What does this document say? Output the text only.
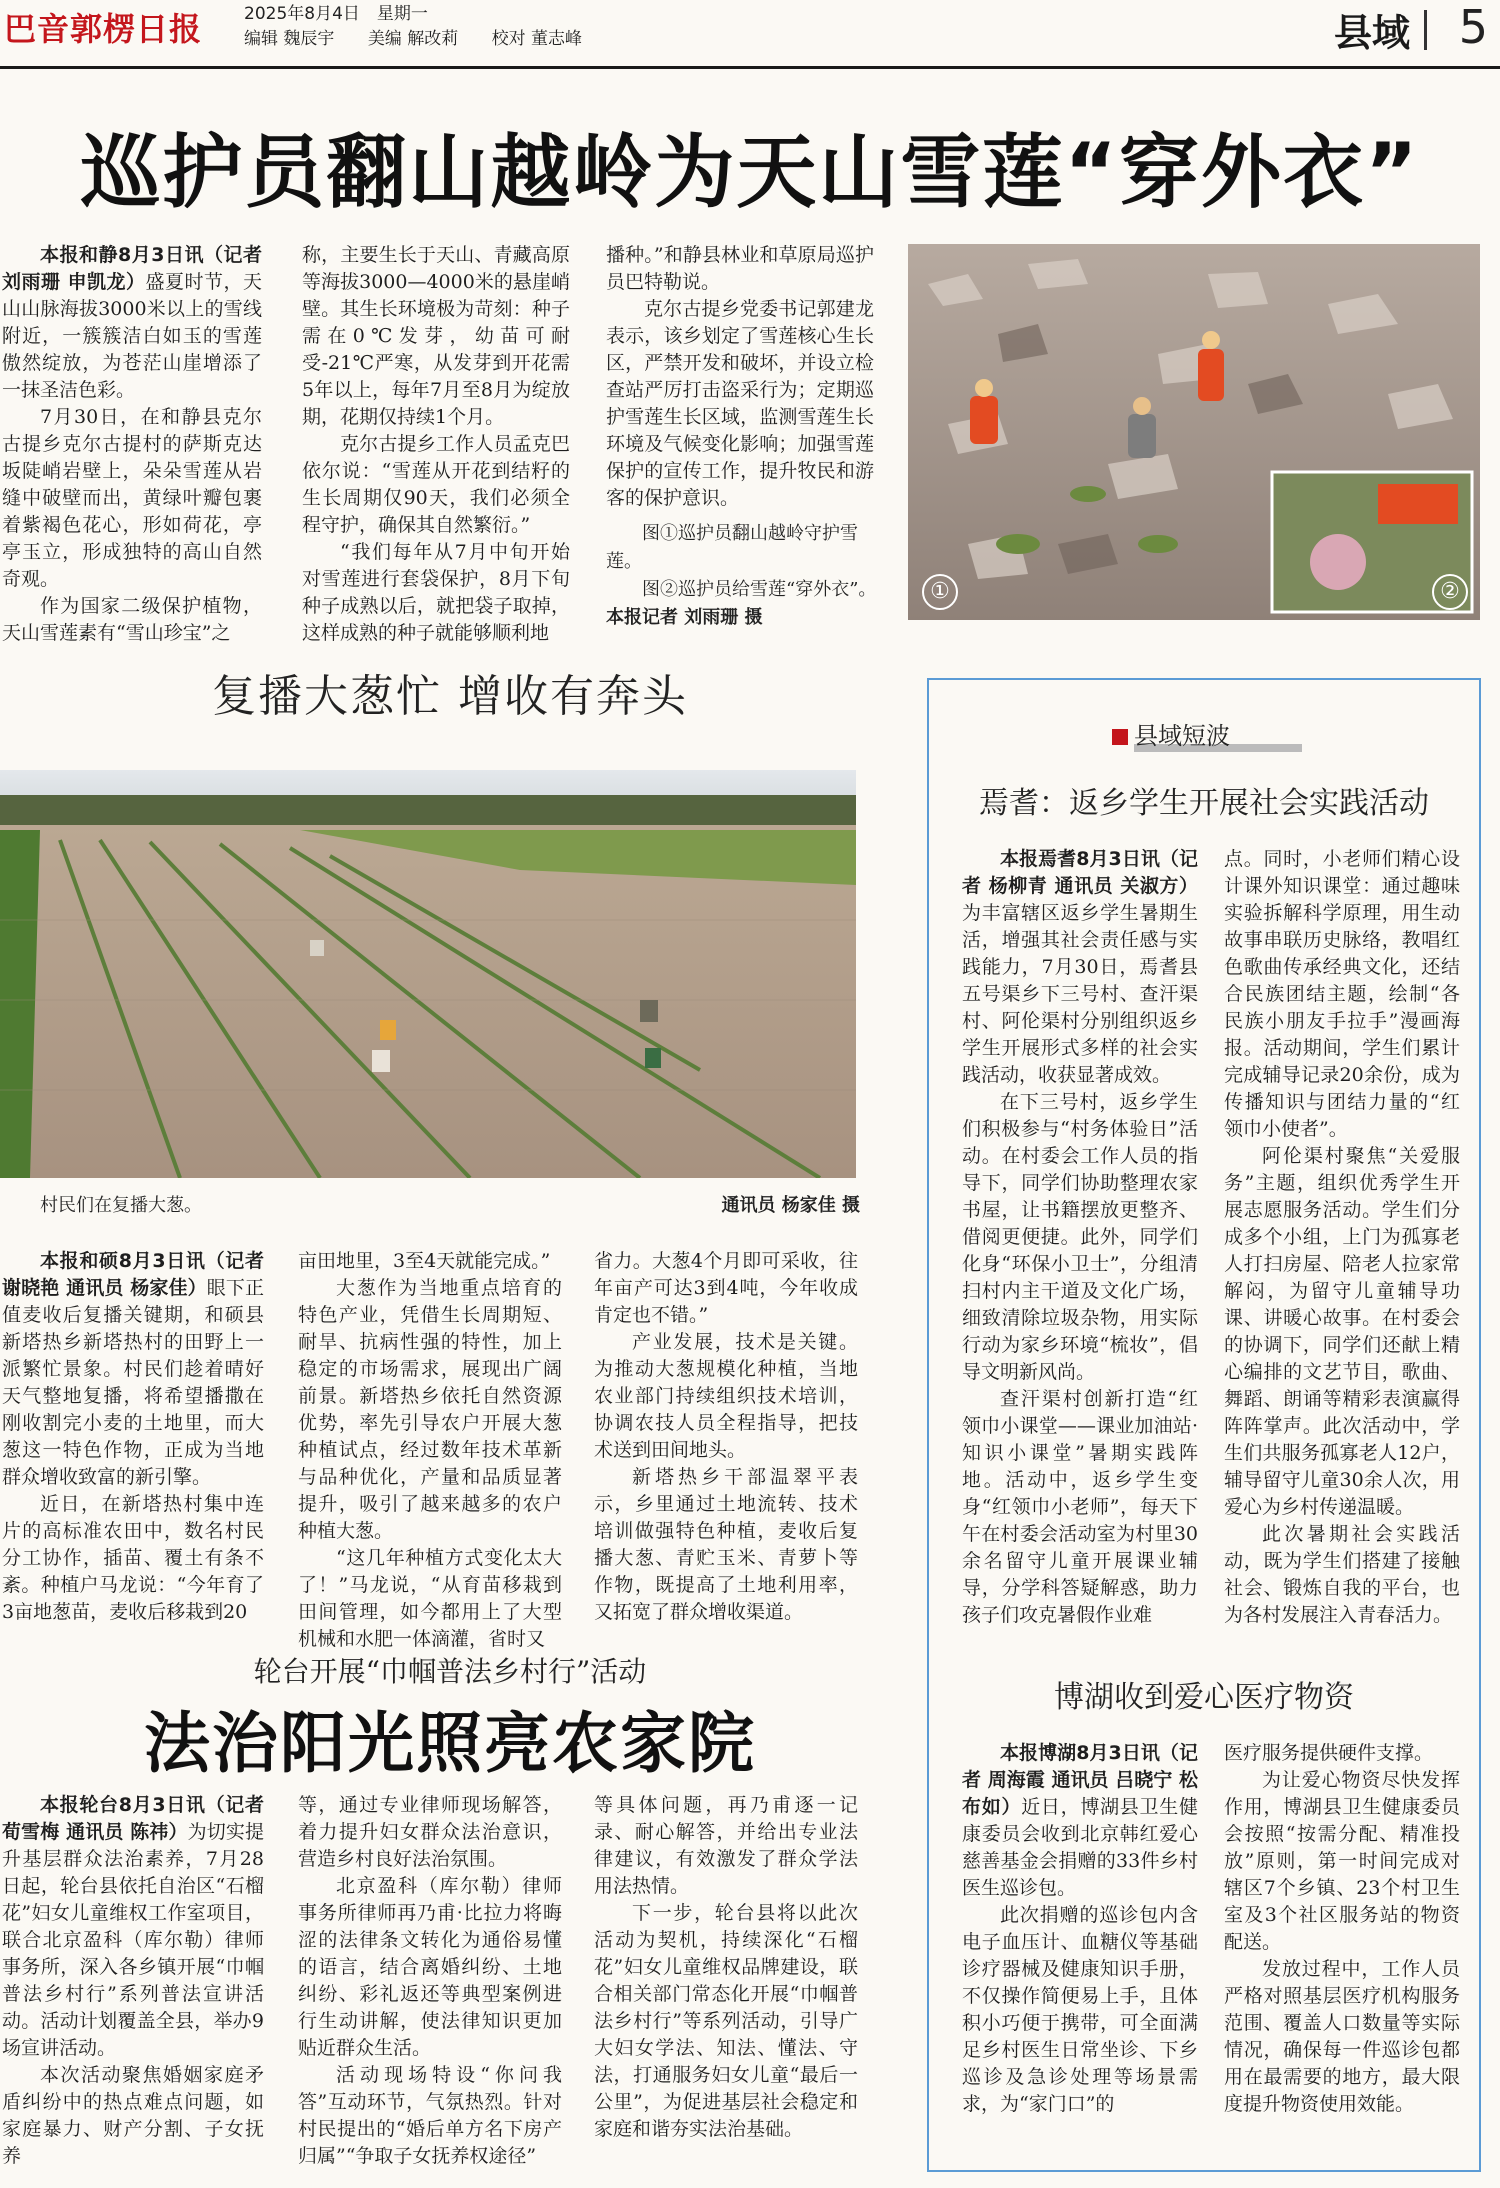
巴音郭楞日报 2025年8月4日　星期一
编辑 魏辰宇 美编 解改莉 校对 董志峰	县域 5
巡护员翻山越岭为天山雪莲“穿外衣”

本报和静8月3日讯（记者 刘雨珊 申凯龙）盛夏时节，天山山脉海拔3000米以上的雪线附近，一簇簇洁白如玉的雪莲傲然绽放，为苍茫山崖增添了一抹圣洁色彩。

7月30日，在和静县克尔古提乡克尔古提村的萨斯克达坂陡峭岩壁上，朵朵雪莲从岩缝中破壁而出，黄绿叶瓣包裹着紫褐色花心，形如荷花，亭亭玉立，形成独特的高山自然奇观。

作为国家二级保护植物，天山雪莲素有“雪山珍宝”之

称，主要生长于天山、青藏高原等海拔3000—4000米的悬崖峭壁。其生长环境极为苛刻：种子需在0℃发芽，幼苗可耐受-21℃严寒，从发芽到开花需5年以上，每年7月至8月为绽放期，花期仅持续1个月。

克尔古提乡工作人员孟克巴依尔说：“雪莲从开花到结籽的生长周期仅90天，我们必须全程守护，确保其自然繁衍。”

“我们每年从7月中旬开始对雪莲进行套袋保护，8月下旬种子成熟以后，就把袋子取掉，这样成熟的种子就能够顺利地

播种。”和静县林业和草原局巡护员巴特勒说。

克尔古提乡党委书记郭建龙表示，该乡划定了雪莲核心生长区，严禁开发和破坏，并设立检查站严厉打击盗采行为；定期巡护雪莲生长区域，监测雪莲生长环境及气候变化影响；加强雪莲保护的宣传工作，提升牧民和游客的保护意识。

图①巡护员翻山越岭守护雪莲。

图②巡护员给雪莲“穿外衣”。　本报记者 刘雨珊 摄

①	②
复播大葱忙 增收有奔头
村民们在复播大葱。	通讯员 杨家佳 摄

本报和硕8月3日讯（记者 谢晓艳 通讯员 杨家佳）眼下正值麦收后复播关键期，和硕县新塔热乡新塔热村的田野上一派繁忙景象。村民们趁着晴好天气整地复播，将希望播撒在刚收割完小麦的土地里，而大葱这一特色作物，正成为当地群众增收致富的新引擎。

近日，在新塔热村集中连片的高标准农田中，数名村民分工协作，插苗、覆土有条不紊。种植户马龙说：“今年育了3亩地葱苗，麦收后移栽到20

亩田地里，3至4天就能完成。”

大葱作为当地重点培育的特色产业，凭借生长周期短、耐旱、抗病性强的特性，加上稳定的市场需求，展现出广阔前景。新塔热乡依托自然资源优势，率先引导农户开展大葱种植试点，经过数年技术革新与品种优化，产量和品质显著提升，吸引了越来越多的农户种植大葱。

“这几年种植方式变化太大了！”马龙说，“从育苗移栽到田间管理，如今都用上了大型机械和水肥一体滴灌，省时又

省力。大葱4个月即可采收，往年亩产可达3到4吨，今年收成肯定也不错。”

产业发展，技术是关键。为推动大葱规模化种植，当地农业部门持续组织技术培训，协调农技人员全程指导，把技术送到田间地头。

新塔热乡干部温翠平表示，乡里通过土地流转、技术培训做强特色种植，麦收后复播大葱、青贮玉米、青萝卜等作物，既提高了土地利用率，又拓宽了群众增收渠道。

轮台开展“巾帼普法乡村行”活动
法治阳光照亮农家院

本报轮台8月3日讯（记者 荀雪梅 通讯员 陈祎）为切实提升基层群众法治素养，7月28日起，轮台县依托自治区“石榴花”妇女儿童维权工作室项目，联合北京盈科（库尔勒）律师事务所，深入各乡镇开展“巾帼普法乡村行”系列普法宣讲活动。活动计划覆盖全县，举办9场宣讲活动。

本次活动聚焦婚姻家庭矛盾纠纷中的热点难点问题，如家庭暴力、财产分割、子女抚养

等，通过专业律师现场解答，着力提升妇女群众法治意识，营造乡村良好法治氛围。

北京盈科（库尔勒）律师事务所律师再乃甫·比拉力将晦涩的法律条文转化为通俗易懂的语言，结合离婚纠纷、土地纠纷、彩礼返还等典型案例进行生动讲解，使法律知识更加贴近群众生活。

活动现场特设“你问我答”互动环节，气氛热烈。针对村民提出的“婚后单方名下房产归属”“争取子女抚养权途径”

等具体问题，再乃甫逐一记录、耐心解答，并给出专业法律建议，有效激发了群众学法用法热情。

下一步，轮台县将以此次活动为契机，持续深化“石榴花”妇女儿童维权品牌建设，联合相关部门常态化开展“巾帼普法乡村行”等系列活动，引导广大妇女学法、知法、懂法、守法，打通服务妇女儿童“最后一公里”，为促进基层社会稳定和家庭和谐夯实法治基础。

县域短波
焉耆：返乡学生开展社会实践活动

本报焉耆8月3日讯（记者 杨柳青 通讯员 关淑方）为丰富辖区返乡学生暑期生活，增强其社会责任感与实践能力，7月30日，焉耆县五号渠乡下三号村、查汗渠村、阿伦渠村分别组织返乡学生开展形式多样的社会实践活动，收获显著成效。

在下三号村，返乡学生们积极参与“村务体验日”活动。在村委会工作人员的指导下，同学们协助整理农家书屋，让书籍摆放更整齐、借阅更便捷。此外，同学们化身“环保小卫士”，分组清扫村内主干道及文化广场，细致清除垃圾杂物，用实际行动为家乡环境“梳妆”，倡导文明新风尚。

查汗渠村创新打造“红领巾小课堂——课业加油站·知识小课堂”暑期实践阵地。活动中，返乡学生变身“红领巾小老师”，每天下午在村委会活动室为村里30余名留守儿童开展课业辅导，分学科答疑解惑，助力孩子们攻克暑假作业难

点。同时，小老师们精心设计课外知识课堂：通过趣味实验拆解科学原理，用生动故事串联历史脉络，教唱红色歌曲传承经典文化，还结合民族团结主题，绘制“各民族小朋友手拉手”漫画海报。活动期间，学生们累计完成辅导记录20余份，成为传播知识与团结力量的“红领巾小使者”。

阿伦渠村聚焦“关爱服务”主题，组织优秀学生开展志愿服务活动。学生们分成多个小组，上门为孤寡老人打扫房屋、陪老人拉家常解闷，为留守儿童辅导功课、讲暖心故事。在村委会的协调下，同学们还献上精心编排的文艺节目，歌曲、舞蹈、朗诵等精彩表演赢得阵阵掌声。此次活动中，学生们共服务孤寡老人12户，辅导留守儿童30余人次，用爱心为乡村传递温暖。

此次暑期社会实践活动，既为学生们搭建了接触社会、锻炼自我的平台，也为各村发展注入青春活力。

博湖收到爱心医疗物资

本报博湖8月3日讯（记者 周海霞 通讯员 吕晓宁 松布如）近日，博湖县卫生健康委员会收到北京韩红爱心慈善基金会捐赠的33件乡村医生巡诊包。

此次捐赠的巡诊包内含电子血压计、血糖仪等基础诊疗器械及健康知识手册，不仅操作简便易上手，且体积小巧便于携带，可全面满足乡村医生日常坐诊、下乡巡诊及急诊处理等场景需求，为“家门口”的

医疗服务提供硬件支撑。

为让爱心物资尽快发挥作用，博湖县卫生健康委员会按照“按需分配、精准投放”原则，第一时间完成对辖区7个乡镇、23个村卫生室及3个社区服务站的物资配送。

发放过程中，工作人员严格对照基层医疗机构服务范围、覆盖人口数量等实际情况，确保每一件巡诊包都用在最需要的地方，最大限度提升物资使用效能。
